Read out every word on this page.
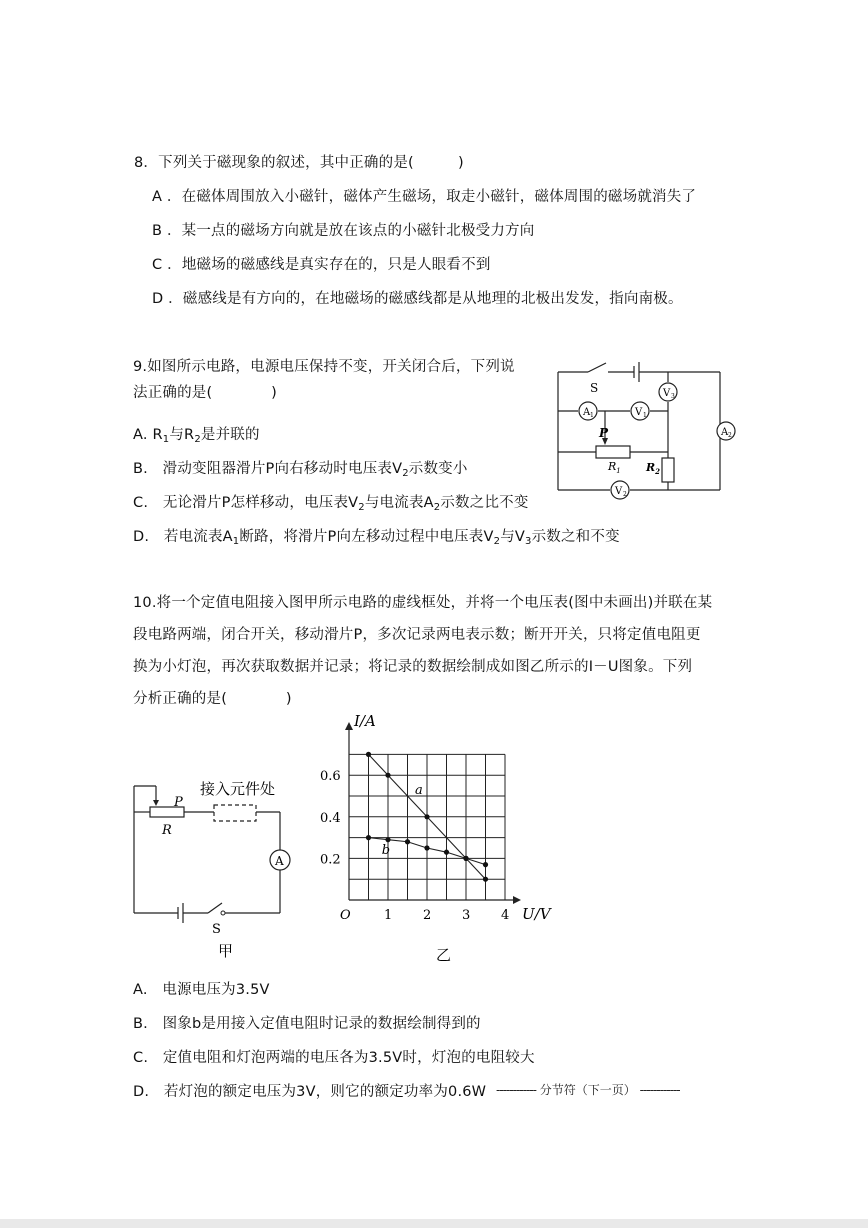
8．下列关于磁现象的叙述，其中正确的是(　　　)
A ．在磁体周围放入小磁针，磁体产生磁场，取走小磁针，磁体周围的磁场就消失了
B ．某一点的磁场方向就是放在该点的小磁针北极受力方向
C ．地磁场的磁感线是真实存在的，只是人眼看不到
D ．磁感线是有方向的，在地磁场的磁感线都是从地理的北极出发发，指向南极。
9.如图所示电路，电源电压保持不变，开关闭合后，下列说
法正确的是(　　　　)
A. $R_1$与$R_2$是并联的
B.　滑动变阻器滑片P向右移动时电压表$V_2$示数变小
C.　无论滑片P怎样移动，电压表$V_2$与电流表$A_2$示数之比不变
D.　若电流表$A_1$断路，将滑片P向左移动过程中电压表$V_2$与$V_3$示数之和不变
A 1	V 1
V 3
A 2
V 2
S
P
$R_1$ $R_2$
10.将一个定值电阻接入图甲所示电路的虚线框处，并将一个电压表(图中未画出)并联在某
段电路两端，闭合开关，移动滑片P，多次记录两电表示数；断开开关，只将定值电阻更
换为小灯泡，再次获取数据并记录；将记录的数据绘制成如图乙所示的I－U图象。下列
分析正确的是(　　　　)
A
接入元件处
P
R
S
甲
1 2 3 4
0.2
0.4
0.6
a
b
I/A
U/V
O
乙
A.　电源电压为3.5V
B.　图象b是用接入定值电阻时记录的数据绘制得到的
C.　定值电阻和灯泡两端的电压各为3.5V时，灯泡的电阻较大
D.　若灯泡的额定电压为3V，则它的额定功率为0.6W ------------ 分节符（下一页） ------------
